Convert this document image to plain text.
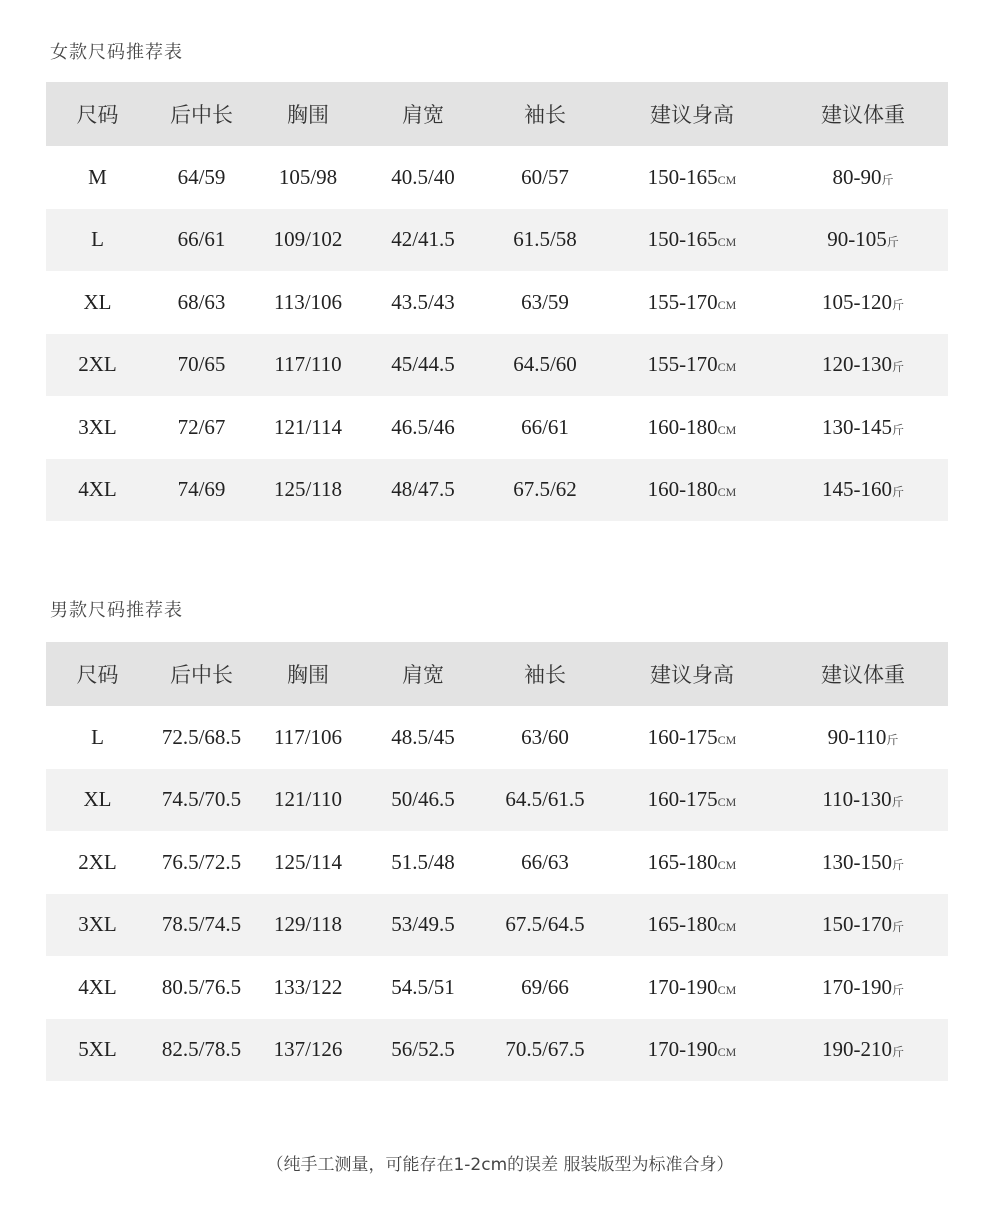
女款尺码推荐表
尺码	后中长	胸围	肩宽	袖长	建议身高	建议体重
M	64/59	105/98	40.5/40	60/57	150-165CM	80-90斤
L	66/61	109/102	42/41.5	61.5/58	150-165CM	90-105斤
XL	68/63	113/106	43.5/43	63/59	155-170CM	105-120斤
2XL	70/65	117/110	45/44.5	64.5/60	155-170CM	120-130斤
3XL	72/67	121/114	46.5/46	66/61	160-180CM	130-145斤
4XL	74/69	125/118	48/47.5	67.5/62	160-180CM	145-160斤
男款尺码推荐表
尺码	后中长	胸围	肩宽	袖长	建议身高	建议体重
L	72.5/68.5	117/106	48.5/45	63/60	160-175CM	90-110斤
XL	74.5/70.5	121/110	50/46.5	64.5/61.5	160-175CM	110-130斤
2XL	76.5/72.5	125/114	51.5/48	66/63	165-180CM	130-150斤
3XL	78.5/74.5	129/118	53/49.5	67.5/64.5	165-180CM	150-170斤
4XL	80.5/76.5	133/122	54.5/51	69/66	170-190CM	170-190斤
5XL	82.5/78.5	137/126	56/52.5	70.5/67.5	170-190CM	190-210斤
（纯手工测量，可能存在1-2cm的误差 服装版型为标准合身）
